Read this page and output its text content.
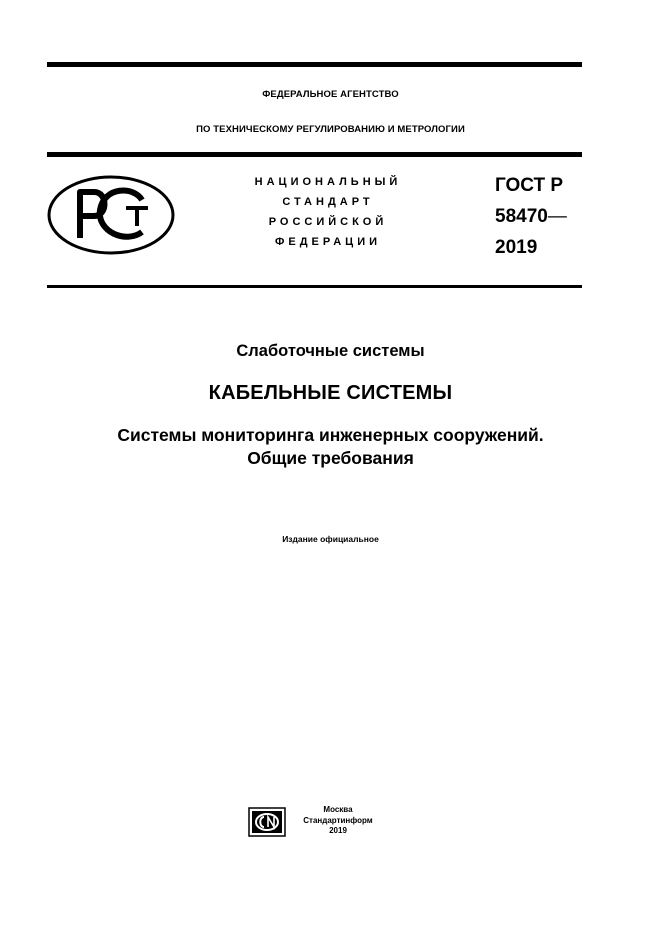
ФЕДЕРАЛЬНОЕ АГЕНТСТВО
ПО ТЕХНИЧЕСКОМУ РЕГУЛИРОВАНИЮ И МЕТРОЛОГИИ
НАЦИОНАЛЬНЫЙ
СТАНДАРТ
РОССИЙСКОЙ
ФЕДЕРАЦИИ
ГОСТ Р
58470—
2019
Слаботочные системы
КАБЕЛЬНЫЕ СИСТЕМЫ
Системы мониторинга инженерных сооружений.
Общие требования
Издание официальное
Москва
Стандартинформ
2019
